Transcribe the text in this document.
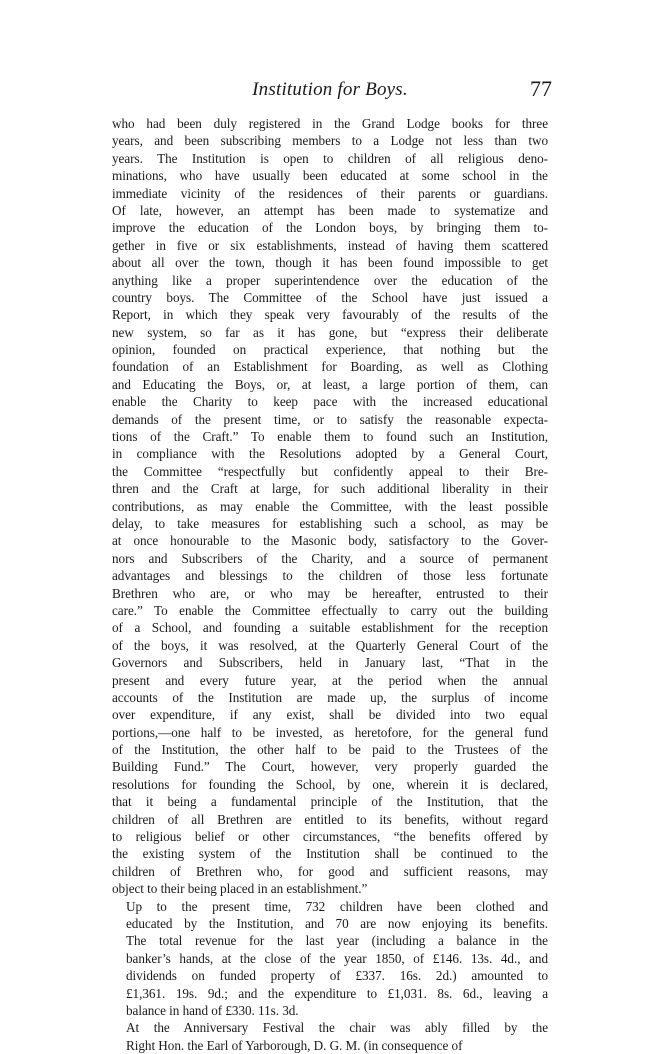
Institution for Boys.	77
who had been duly registered in the Grand Lodge books for three
years, and been subscribing members to a Lodge not less than two
years. The Institution is open to children of all religious deno-
minations, who have usually been educated at some school in the
immediate vicinity of the residences of their parents or guardians.
Of late, however, an attempt has been made to systematize and
improve the education of the London boys, by bringing them to-
gether in five or six establishments, instead of having them scattered
about all over the town, though it has been found impossible to get
anything like a proper superintendence over the education of the
country boys. The Committee of the School have just issued a
Report, in which they speak very favourably of the results of the
new system, so far as it has gone, but “express their deliberate
opinion, founded on practical experience, that nothing but the
foundation of an Establishment for Boarding, as well as Clothing
and Educating the Boys, or, at least, a large portion of them, can
enable the Charity to keep pace with the increased educational
demands of the present time, or to satisfy the reasonable expecta-
tions of the Craft.” To enable them to found such an Institution,
in compliance with the Resolutions adopted by a General Court,
the Committee “respectfully but confidently appeal to their Bre-
thren and the Craft at large, for such additional liberality in their
contributions, as may enable the Committee, with the least possible
delay, to take measures for establishing such a school, as may be
at once honourable to the Masonic body, satisfactory to the Gover-
nors and Subscribers of the Charity, and a source of permanent
advantages and blessings to the children of those less fortunate
Brethren who are, or who may be hereafter, entrusted to their
care.” To enable the Committee effectually to carry out the building
of a School, and founding a suitable establishment for the reception
of the boys, it was resolved, at the Quarterly General Court of the
Governors and Subscribers, held in January last, “That in the
present and every future year, at the period when the annual
accounts of the Institution are made up, the surplus of income
over expenditure, if any exist, shall be divided into two equal
portions,—one half to be invested, as heretofore, for the general fund
of the Institution, the other half to be paid to the Trustees of the
Building Fund.” The Court, however, very properly guarded the
resolutions for founding the School, by one, wherein it is declared,
that it being a fundamental principle of the Institution, that the
children of all Brethren are entitled to its benefits, without regard
to religious belief or other circumstances, “the benefits offered by
the existing system of the Institution shall be continued to the
children of Brethren who, for good and sufficient reasons, may
object to their being placed in an establishment.”
Up to the present time, 732 children have been clothed and
educated by the Institution, and 70 are now enjoying its benefits.
The total revenue for the last year (including a balance in the
banker’s hands, at the close of the year 1850, of £146. 13s. 4d., and
dividends on funded property of £337. 16s. 2d.) amounted to
£1,361. 19s. 9d.; and the expenditure to £1,031. 8s. 6d., leaving a
balance in hand of £330. 11s. 3d.
At the Anniversary Festival the chair was ably filled by the
Right Hon. the Earl of Yarborough, D. G. M. (in consequence of
